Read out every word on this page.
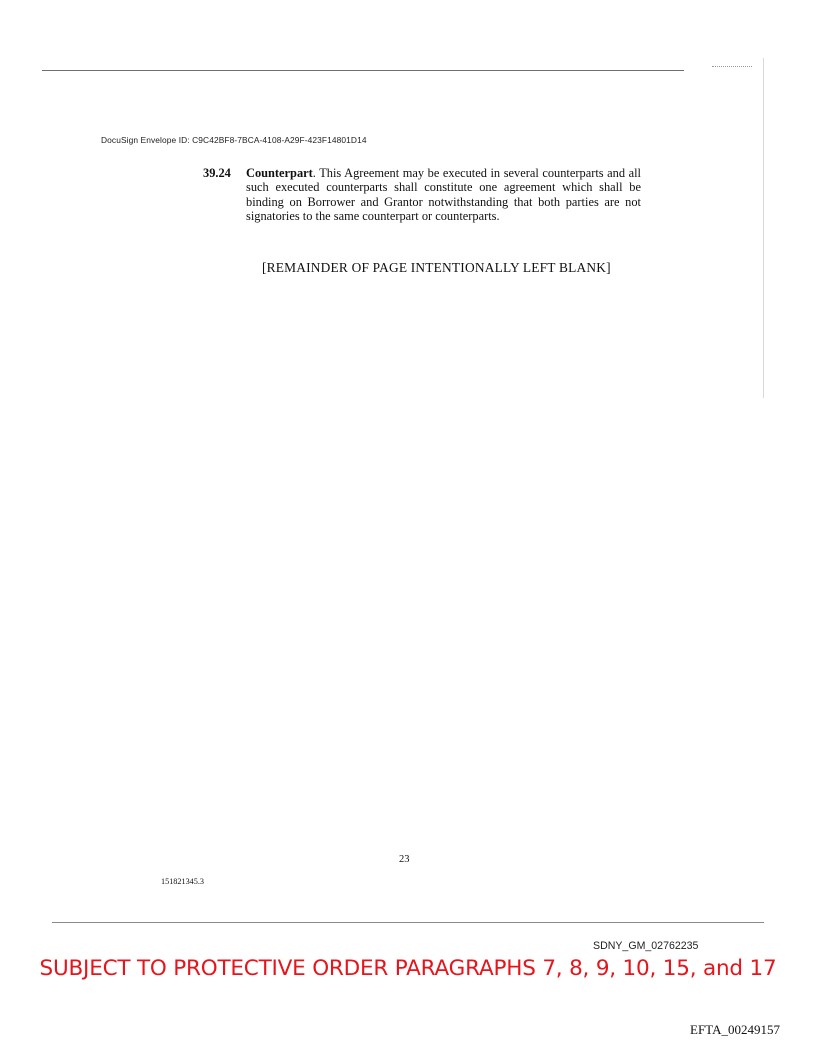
DocuSign Envelope ID: C9C42BF8-7BCA-4108-A29F-423F14801D14
39.24 Counterpart. This Agreement may be executed in several counterparts and all such executed counterparts shall constitute one agreement which shall be binding on Borrower and Grantor notwithstanding that both parties are not signatories to the same counterpart or counterparts.
[REMAINDER OF PAGE INTENTIONALLY LEFT BLANK]
23
151821345.3
SDNY_GM_02762235
SUBJECT TO PROTECTIVE ORDER PARAGRAPHS 7, 8, 9, 10, 15, and 17
EFTA_00249157
